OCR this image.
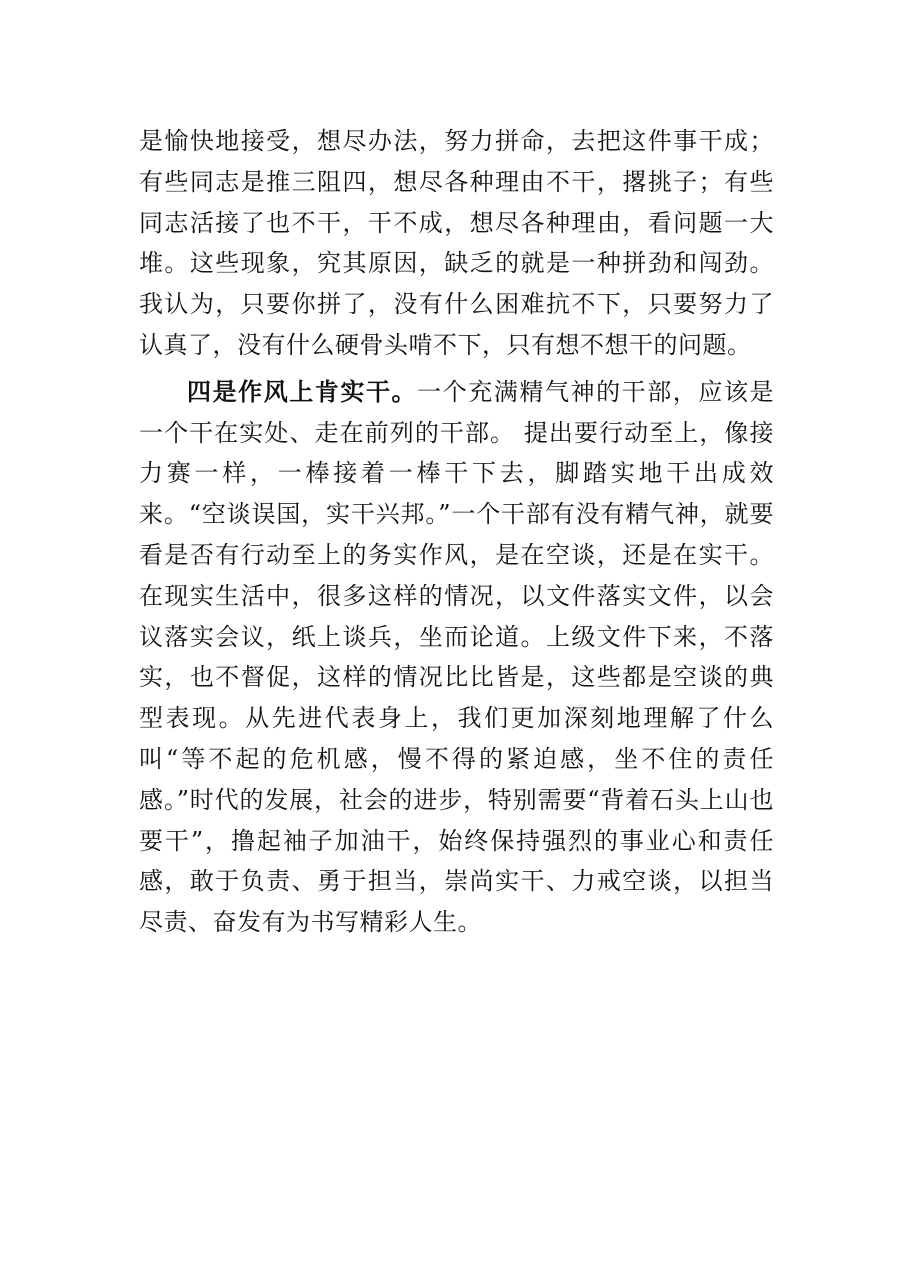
是愉快地接受，想尽办法，努力拼命，去把这件事干成；有些同志是推三阻四，想尽各种理由不干，撂挑子；有些同志活接了也不干，干不成，想尽各种理由，看问题一大堆。这些现象，究其原因，缺乏的就是一种拼劲和闯劲。我认为，只要你拼了，没有什么困难抗不下，只要努力了认真了，没有什么硬骨头啃不下，只有想不想干的问题。

四是作风上肯实干。一个充满精气神的干部，应该是一个干在实处、走在前列的干部。 提出要行动至上，像接力赛一样，一棒接着一棒干下去，脚踏实地干出成效来。“空谈误国，实干兴邦。”一个干部有没有精气神，就要看是否有行动至上的务实作风，是在空谈，还是在实干。在现实生活中，很多这样的情况，以文件落实文件，以会议落实会议，纸上谈兵，坐而论道。上级文件下来，不落实，也不督促，这样的情况比比皆是，这些都是空谈的典型表现。从先进代表身上，我们更加深刻地理解了什么叫“等不起的危机感，慢不得的紧迫感，坐不住的责任感。”时代的发展，社会的进步，特别需要“背着石头上山也要干”，撸起袖子加油干，始终保持强烈的事业心和责任感，敢于负责、勇于担当，崇尚实干、力戒空谈，以担当尽责、奋发有为书写精彩人生。
